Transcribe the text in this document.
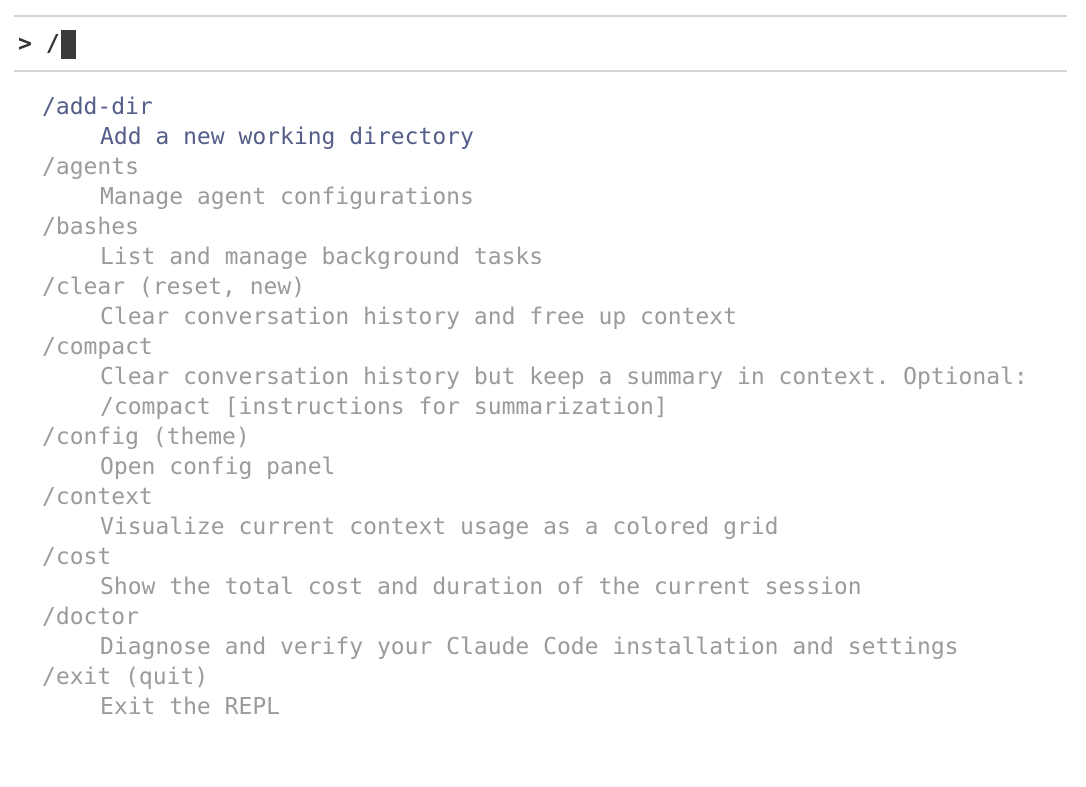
> /
/add-dir
Add a new working directory
/agents
Manage agent configurations
/bashes
List and manage background tasks
/clear (reset, new)
Clear conversation history and free up context
/compact
Clear conversation history but keep a summary in context. Optional:
/compact [instructions for summarization]
/config (theme)
Open config panel
/context
Visualize current context usage as a colored grid
/cost
Show the total cost and duration of the current session
/doctor
Diagnose and verify your Claude Code installation and settings
/exit (quit)
Exit the REPL
